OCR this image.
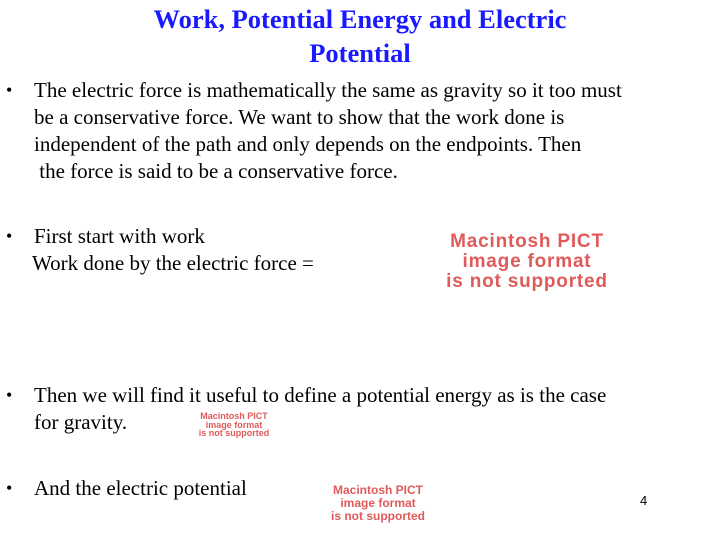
Work, Potential Energy and Electric
Potential
• The electric force is mathematically the same as gravity so it too must
be a conservative force. We want to show that the work done is
independent of the path and only depends on the endpoints. Then
the force is said to be a conservative force.
• First start with work
Work done by the electric force =
Macintosh PICT
image format
is not supported
• Then we will find it useful to define a potential energy as is the case
for gravity.	Macintosh PICT
image format
is not supported
• And the electric potential	Macintosh PICT
image format
is not supported
4
